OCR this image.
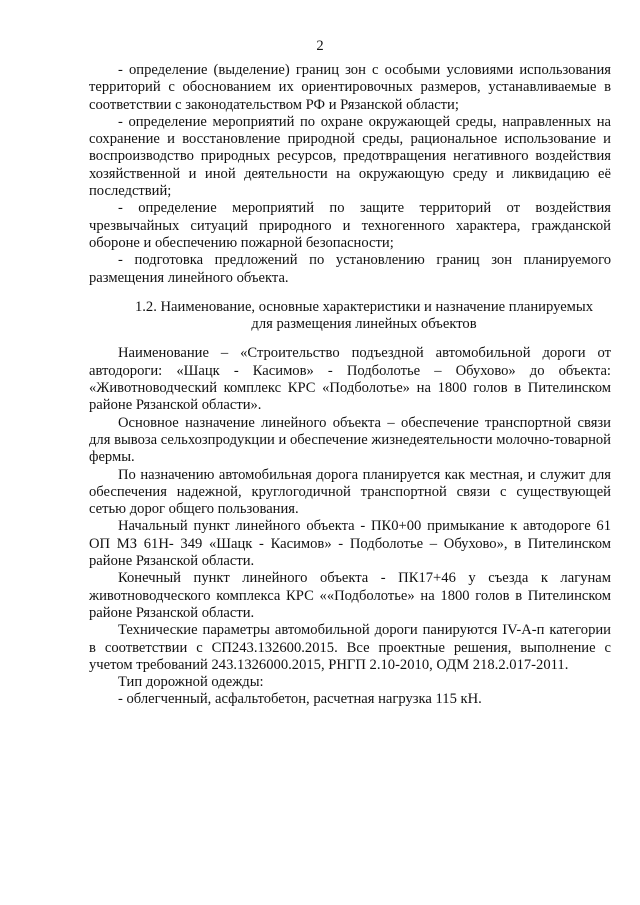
2

- определение (выделение) границ зон с особыми условиями использования территорий с обоснованием их ориентировочных размеров, устанавливаемые в соответствии с законодательством РФ и Рязанской области;

- определение мероприятий по охране окружающей среды, направленных на сохранение и восстановление природной среды, рациональное использование и воспроизводство природных ресурсов, предотвращения негативного воздействия хозяйственной и иной деятельности на окружающую среду и ликвидацию её последствий;

- определение мероприятий по защите территорий от воздействия чрезвычайных ситуаций природного и техногенного характера, гражданской обороне и обеспечению пожарной безопасности;

- подготовка предложений по установлению границ зон планируемого размещения линейного объекта.

1.2. Наименование, основные характеристики и назначение планируемых
для размещения линейных объектов

Наименование – «Строительство подъездной автомобильной дороги от автодороги: «Шацк - Касимов» - Подболотье – Обухово» до объекта: «Животноводческий комплекс КРС «Подболотье» на 1800 голов в Пителинском районе Рязанской области».

Основное назначение линейного объекта – обеспечение транспортной связи для вывоза сельхозпродукции и обеспечение жизнедеятельности молочно-товарной фермы.

По назначению автомобильная дорога планируется как местная, и служит для обеспечения надежной, круглогодичной транспортной связи с существующей сетью дорог общего пользования.

Начальный пункт линейного объекта - ПК0+00 примыкание к автодороге 61 ОП МЗ 61Н- 349 «Шацк - Касимов» - Подболотье – Обухово», в Пителинском районе Рязанской области.

Конечный пункт линейного объекта - ПК17+46 у съезда к лагунам животноводческого комплекса КРС ««Подболотье» на 1800 голов в Пителинском районе Рязанской области.

Технические параметры автомобильной дороги панируются IV-А-п категории в соответствии с СП243.132600.2015. Все проектные решения, выполнение с учетом требований 243.1326000.2015, РНГП 2.10-2010, ОДМ 218.2.017-2011.

Тип дорожной одежды:

- облегченный, асфальтобетон, расчетная нагрузка 115 кН.
